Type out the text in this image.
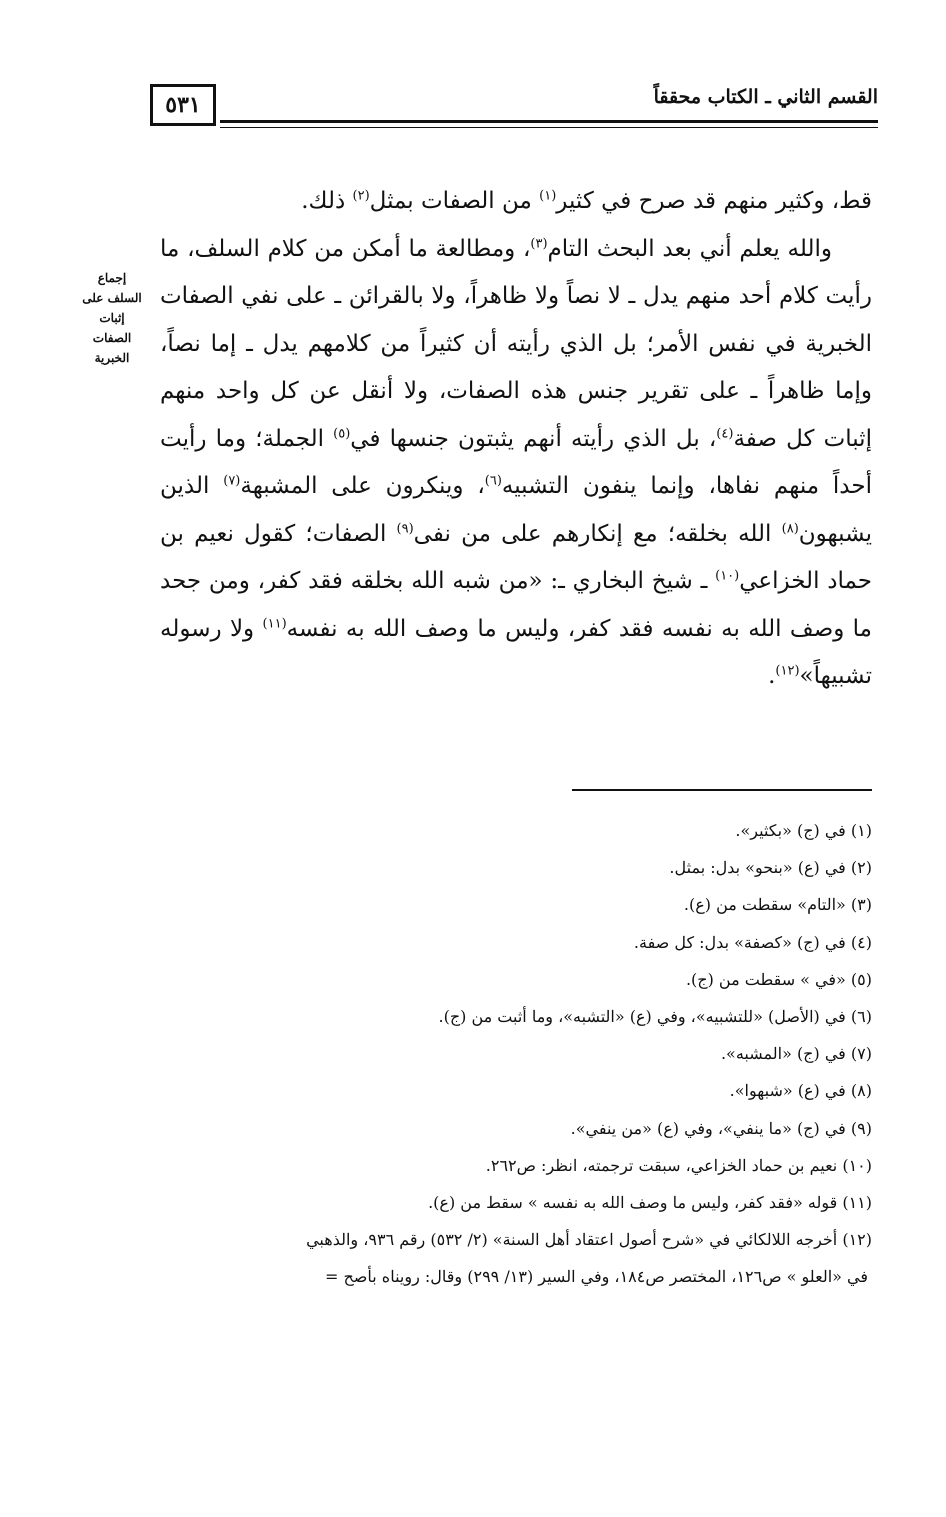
٥٣١	القسم الثاني ـ الكتاب محققاً
إجماع
السلف على
إثبات
الصفات
الخبرية

قط، وكثير منهم قد صرح في كثير$^{(١)}$ من الصفات بمثل$^{(٢)}$ ذلك.

والله يعلم أني بعد البحث التام$^{(٣)}$، ومطالعة ما أمكن من كلام السلف، ما رأيت كلام أحد منهم يدل ـ لا نصاً ولا ظاهراً، ولا بالقرائن ـ على نفي الصفات الخبرية في نفس الأمر؛ بل الذي رأيته أن كثيراً من كلامهم يدل ـ إما نصاً، وإما ظاهراً ـ على تقرير جنس هذه الصفات، ولا أنقل عن كل واحد منهم إثبات كل صفة$^{(٤)}$، بل الذي رأيته أنهم يثبتون جنسها في$^{(٥)}$ الجملة؛ وما رأيت أحداً منهم نفاها، وإنما ينفون التشبيه$^{(٦)}$، وينكرون على المشبهة$^{(٧)}$ الذين يشبهون$^{(٨)}$ الله بخلقه؛ مع إنكارهم على من نفى$^{(٩)}$ الصفات؛ كقول نعيم بن حماد الخزاعي$^{(١٠)}$ ـ شيخ البخاري ـ: «من شبه الله بخلقه فقد كفر، ومن جحد ما وصف الله به نفسه فقد كفر، وليس ما وصف الله به نفسه$^{(١١)}$ ولا رسوله تشبيهاً»$^{(١٢)}$.

(١) في (ج) «بكثير».
(٢) في (ع) «بنحو» بدل: بمثل.
(٣) «التام» سقطت من (ع).
(٤) في (ج) «كصفة» بدل: كل صفة.
(٥) «في » سقطت من (ج).
(٦) في (الأصل) «للتشبيه»، وفي (ع) «التشبه»، وما أثبت من (ج).
(٧) في (ج) «المشبه».
(٨) في (ع) «شبهوا».
(٩) في (ج) «ما ينفي»، وفي (ع) «من ينفي».
(١٠) نعيم بن حماد الخزاعي، سبقت ترجمته، انظر: ص٢٦٢.
(١١) قوله «فقد كفر، وليس ما وصف الله به نفسه » سقط من (ع).
(١٢) أخرجه اللالكائي في «شرح أصول اعتقاد أهل السنة» (٢/ ٥٣٢) رقم ٩٣٦، والذهبي
في «العلو » ص١٢٦، المختصر ص١٨٤، وفي السير (١٣/ ٢٩٩) وقال: رويناه بأصح =
